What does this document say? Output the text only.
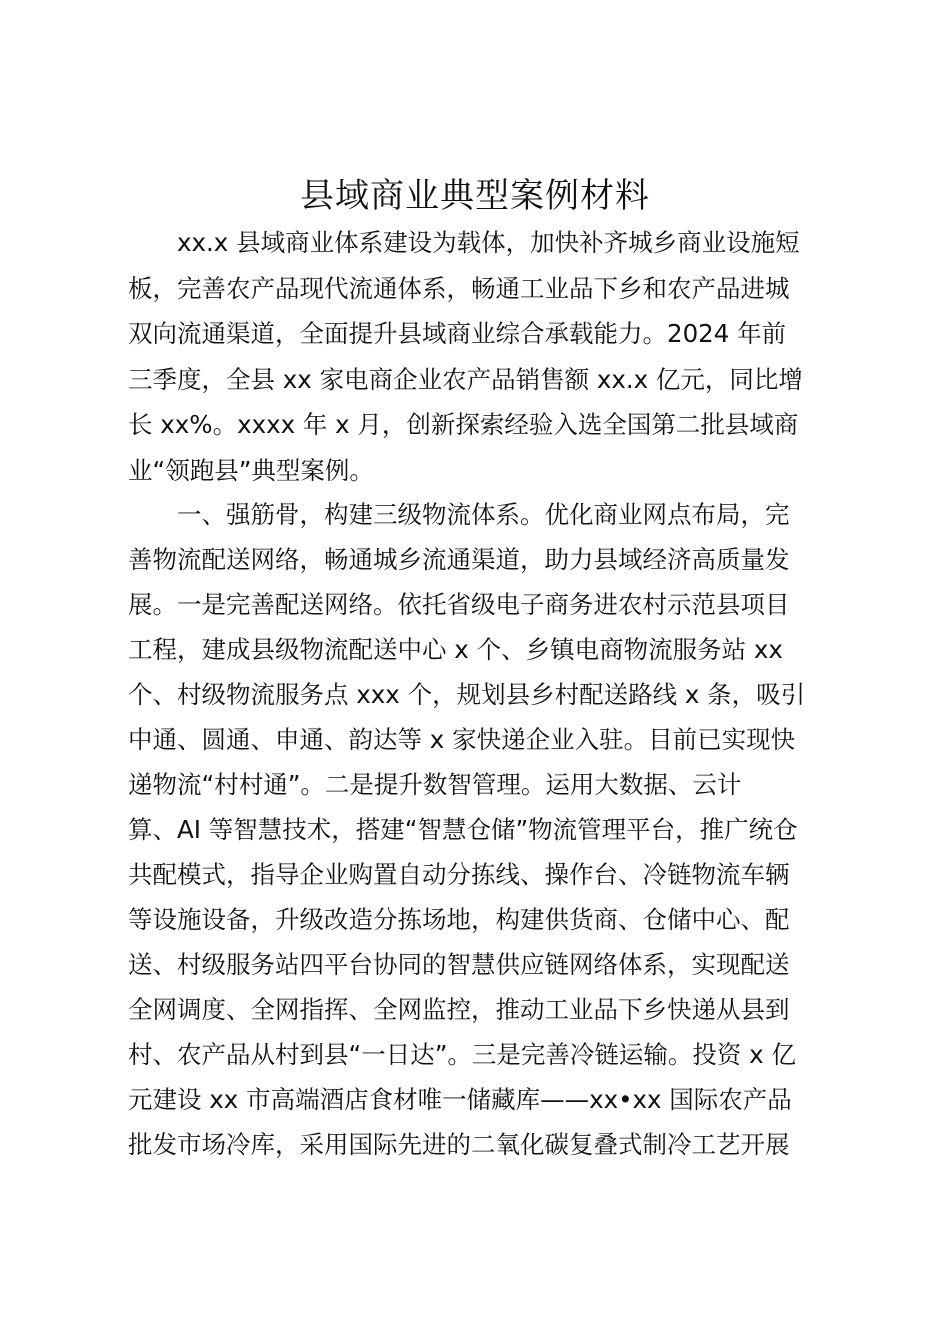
县域商业典型案例材料
　　xx.x 县域商业体系建设为载体，加快补齐城乡商业设施短
板，完善农产品现代流通体系，畅通工业品下乡和农产品进城
双向流通渠道，全面提升县域商业综合承载能力。2024 年前
三季度，全县 xx 家电商企业农产品销售额 xx.x 亿元，同比增
长 xx%。xxxx 年 x 月，创新探索经验入选全国第二批县域商
业“领跑县”典型案例。
　　一、强筋骨，构建三级物流体系。优化商业网点布局，完
善物流配送网络，畅通城乡流通渠道，助力县域经济高质量发
展。一是完善配送网络。依托省级电子商务进农村示范县项目
工程，建成县级物流配送中心 x 个、乡镇电商物流服务站 xx
个、村级物流服务点 xxx 个，规划县乡村配送路线 x 条，吸引
中通、圆通、申通、韵达等 x 家快递企业入驻。目前已实现快
递物流“村村通”。二是提升数智管理。运用大数据、云计
算、AI 等智慧技术，搭建“智慧仓储”物流管理平台，推广统仓
共配模式，指导企业购置自动分拣线、操作台、冷链物流车辆
等设施设备，升级改造分拣场地，构建供货商、仓储中心、配
送、村级服务站四平台协同的智慧供应链网络体系，实现配送
全网调度、全网指挥、全网监控，推动工业品下乡快递从县到
村、农产品从村到县“一日达”。三是完善冷链运输。投资 x 亿
元建设 xx 市高端酒店食材唯一储藏库——xx•xx 国际农产品
批发市场冷库，采用国际先进的二氧化碳复叠式制冷工艺开展
